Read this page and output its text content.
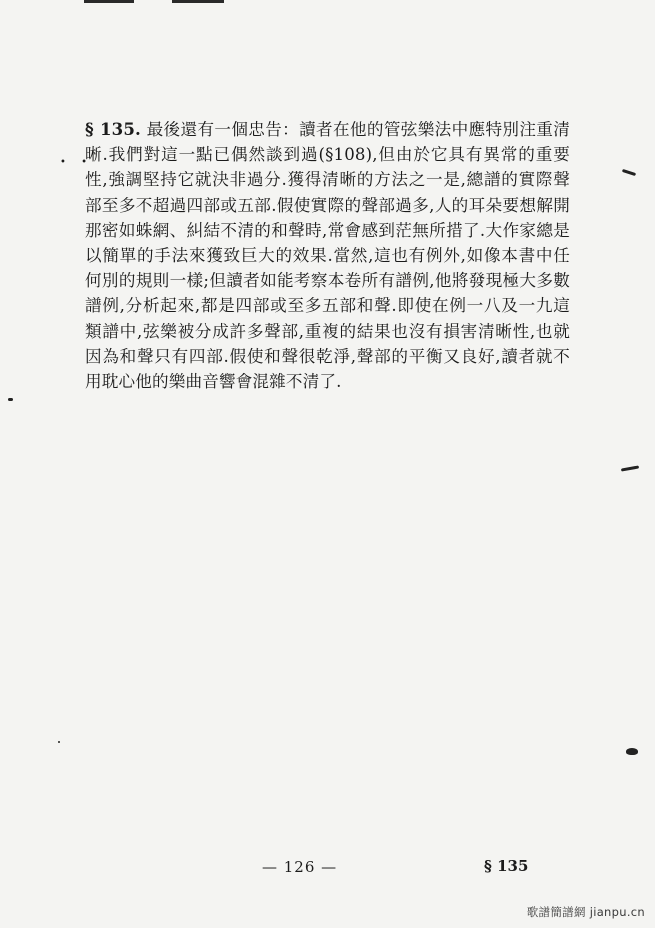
§ 135. 最後還有一個忠告：讀者在他的管弦樂法中應特別注重清晰.我們對這一點已偶然談到過(§108),但由於它具有異常的重要性,強調堅持它就決非過分.獲得清晰的方法之一是,總譜的實際聲部至多不超過四部或五部.假使實際的聲部過多,人的耳朵要想解開那密如蛛網、糾結不清的和聲時,常會感到茫無所措了.大作家總是以簡單的手法來獲致巨大的效果.當然,這也有例外,如像本書中任何別的規則一樣;但讀者如能考察本卷所有譜例,他將發現極大多數譜例,分析起來,都是四部或至多五部和聲.即使在例一八及一九這類譜中,弦樂被分成許多聲部,重複的結果也沒有損害清晰性,也就因為和聲只有四部.假使和聲很乾淨,聲部的平衡又良好,讀者就不用耽心他的樂曲音響會混雜不清了.
• •
— 126 —	§ 135
歌譜簡譜網 jianpu.cn
